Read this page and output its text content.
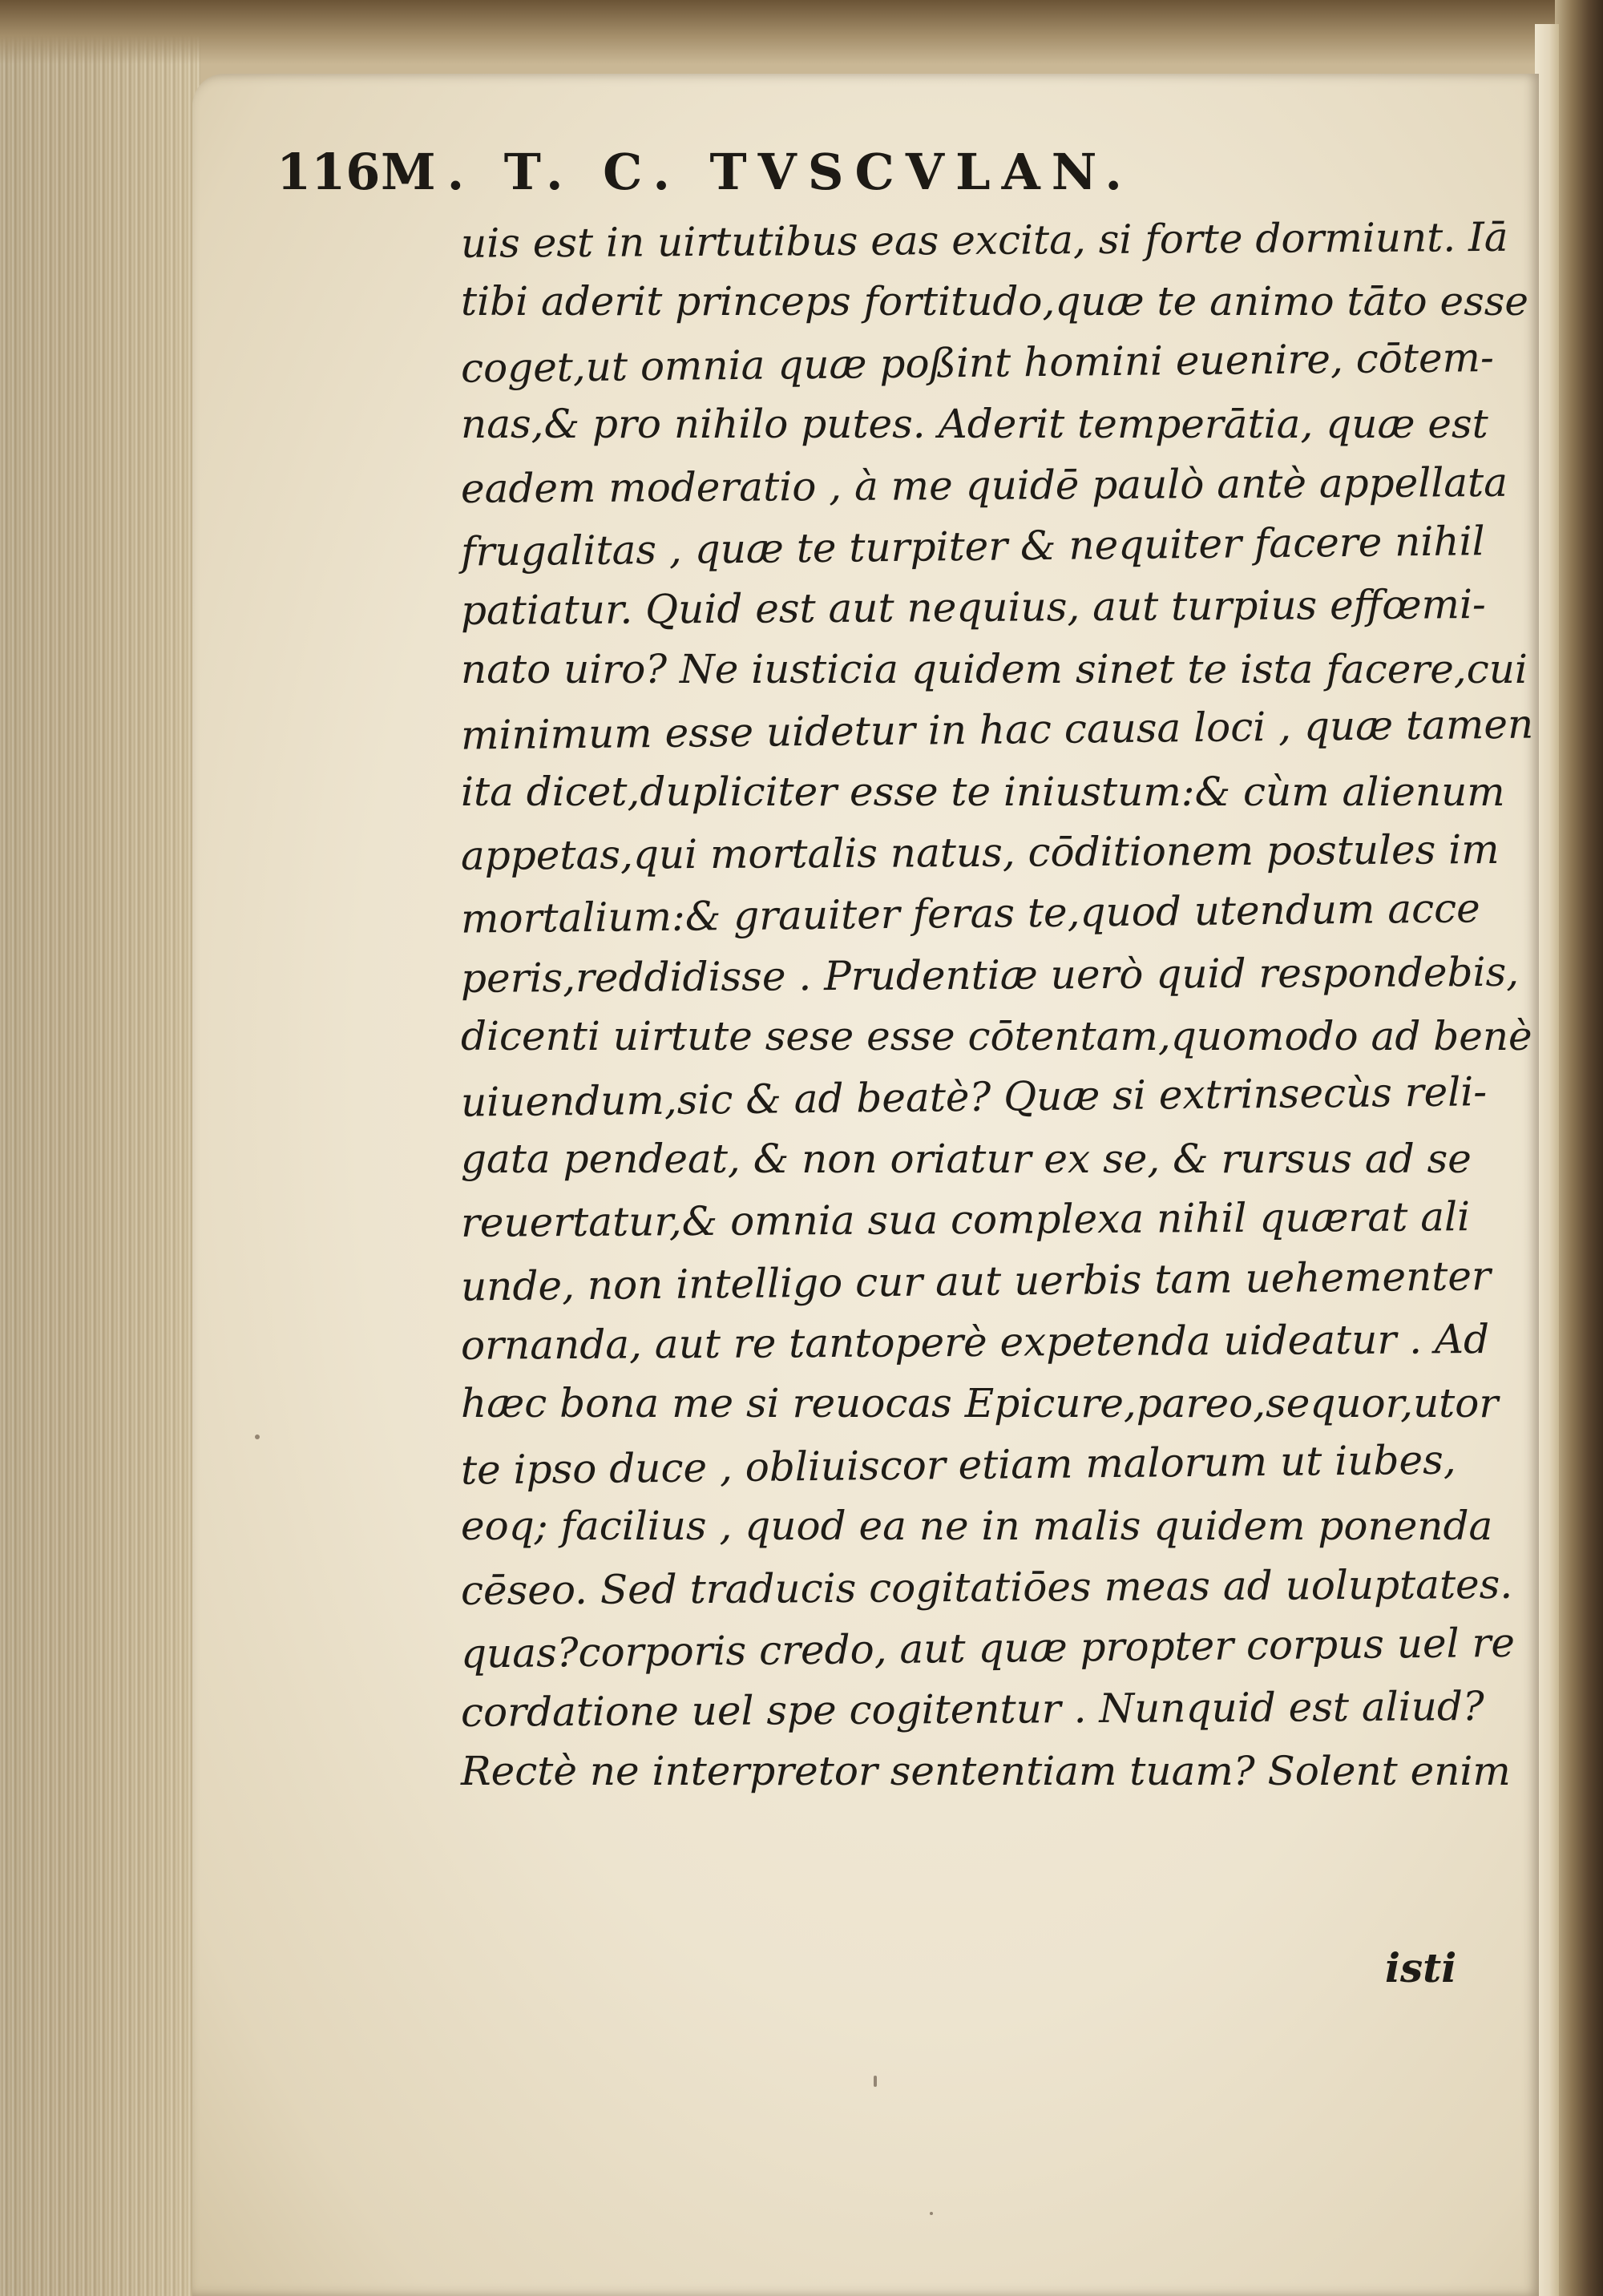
116 M. T. C. TVSCVLAN.
uis est in uirtutibus eas excita, si forte dormiunt. Iā
tibi aderit princeps fortitudo,quæ te animo tāto esse
coget,ut omnia quæ poßint homini euenire, cōtem-
nas,& pro nihilo putes. Aderit temperātia, quæ est
eadem moderatio , à me quidē paulò antè appellata
frugalitas , quæ te turpiter & nequiter facere nihil
patiatur. Quid est aut nequius, aut turpius effœmi-
nato uiro? Ne iusticia quidem sinet te ista facere,cui
minimum esse uidetur in hac causa loci , quæ tamen
ita dicet,dupliciter esse te iniustum:& cùm alienum
appetas,qui mortalis natus, cōditionem postules im
mortalium:& grauiter feras te,quod utendum acce
peris,reddidisse . Prudentiæ uerò quid respondebis,
dicenti uirtute sese esse cōtentam,quomodo ad benè
uiuendum,sic & ad beatè? Quæ si extrinsecùs reli-
gata pendeat, & non oriatur ex se, & rursus ad se
reuertatur,& omnia sua complexa nihil quærat ali
unde, non intelligo cur aut uerbis tam uehementer
ornanda, aut re tantoperè expetenda uideatur . Ad
hæc bona me si reuocas Epicure,pareo,sequor,utor
te ipso duce , obliuiscor etiam malorum ut iubes,
eoq; facilius , quod ea ne in malis quidem ponenda
cēseo. Sed traducis cogitatiōes meas ad uoluptates.
quas?corporis credo, aut quæ propter corpus uel re
cordatione uel spe cogitentur . Nunquid est aliud?
Rectè ne interpretor sententiam tuam? Solent enim
isti
